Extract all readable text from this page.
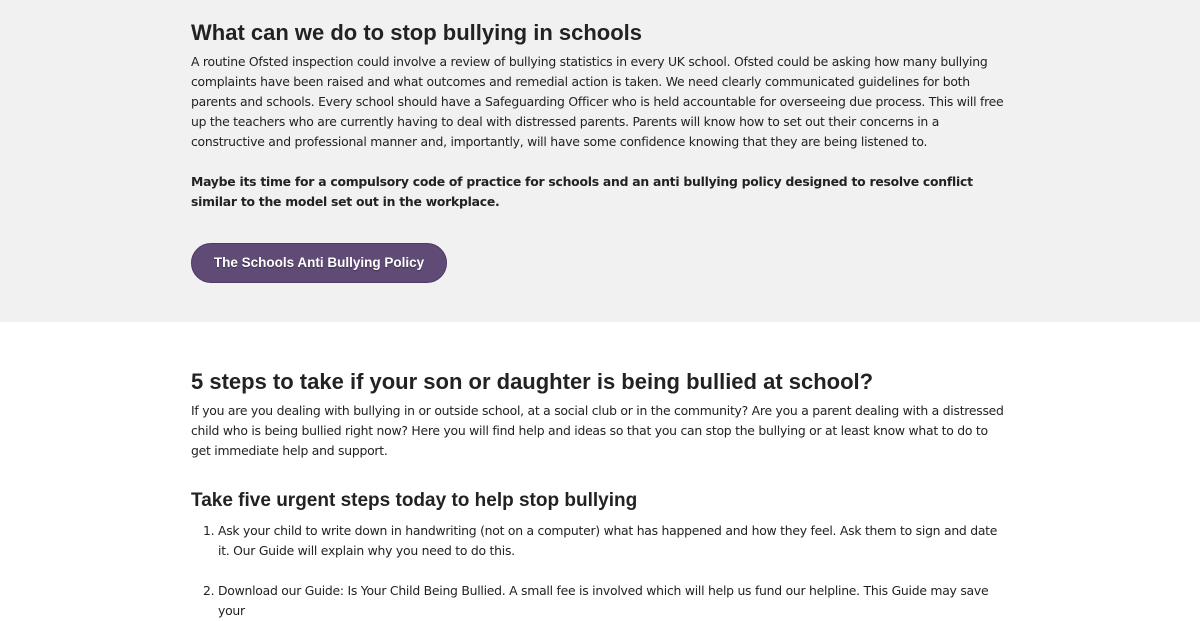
What can we do to stop bullying in schools

A routine Ofsted inspection could involve a review of bullying statistics in every UK school. Ofsted could be asking how many bullying complaints have been raised and what outcomes and remedial action is taken. We need clearly communicated guidelines for both parents and schools. Every school should have a Safeguarding Officer who is held accountable for overseeing due process. This will free up the teachers who are currently having to deal with distressed parents. Parents will know how to set out their concerns in a constructive and professional manner and, importantly, will have some confidence knowing that they are being listened to.

Maybe its time for a compulsory code of practice for schools and an anti bullying policy designed to resolve conflict similar to the model set out in the workplace.

The Schools Anti Bullying Policy
5 steps to take if your son or daughter is being bullied at school?

If you are you dealing with bullying in or outside school, at a social club or in the community? Are you a parent dealing with a distressed child who is being bullied right now? Here you will find help and ideas so that you can stop the bullying or at least know what to do to get immediate help and support.

Take five urgent steps today to help stop bullying
1. Ask your child to write down in handwriting (not on a computer) what has happened and how they feel. Ask them to sign and date it. Our Guide will explain why you need to do this.
2. Download our Guide: Is Your Child Being Bullied. A small fee is involved which will help us fund our helpline. This Guide may save your
